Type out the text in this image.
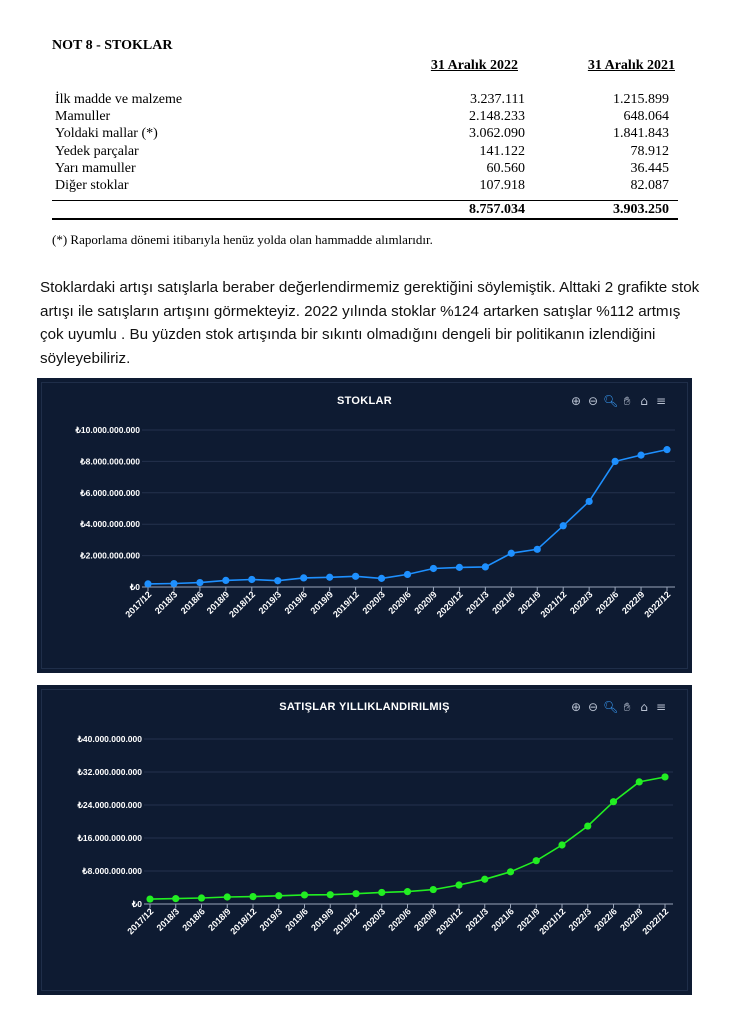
NOT 8 - STOKLAR
31 Aralık 2022	31 Aralık 2021
İlk madde ve malzeme	3.237.111	1.215.899
Mamuller	2.148.233	648.064
Yoldaki mallar (*)	3.062.090	1.841.843
Yedek parçalar	141.122	78.912
Yarı mamuller	60.560	36.445
Diğer stoklar	107.918	82.087
8.757.034	3.903.250
(*) Raporlama dönemi itibarıyla henüz yolda olan hammadde alımlarıdır.
Stoklardaki artışı satışlarla beraber değerlendirmemiz gerektiğini söylemiştik. Alttaki 2 grafikte stok artışı ile satışların artışını görmekteyiz. 2022 yılında stoklar %124 artarken satışlar %112 artmış çok uyumlu . Bu yüzden stok artışında bir sıkıntı olmadığını dengeli bir politikanın izlendiğini söyleyebiliriz.
STOKLAR	⊕ ⊖ 🔍︎ ✋︎ ⌂ ≡
₺0
₺2.000.000.000
₺4.000.000.000
₺6.000.000.000
₺8.000.000.000
₺10.000.000.000
2017/12 2018/3 2018/6 2018/9
2018/12 2019/3 2019/6 2019/9
2019/12 2020/3 2020/6 2020/9
2020/12 2021/3 2021/6 2021/9
2021/12 2022/3 2022/6 2022/9
2022/12
SATIŞLAR YILLIKLANDIRILMIŞ	⊕ ⊖ 🔍︎ ✋︎ ⌂ ≡
₺0
₺8.000.000.000
₺16.000.000.000
₺24.000.000.000
₺32.000.000.000
₺40.000.000.000
2017/12 2018/3 2018/6 2018/9
2018/12 2019/3 2019/6 2019/9
2019/12 2020/3 2020/6 2020/9
2020/12 2021/3 2021/6 2021/9
2021/12 2022/3 2022/6 2022/9
2022/12
